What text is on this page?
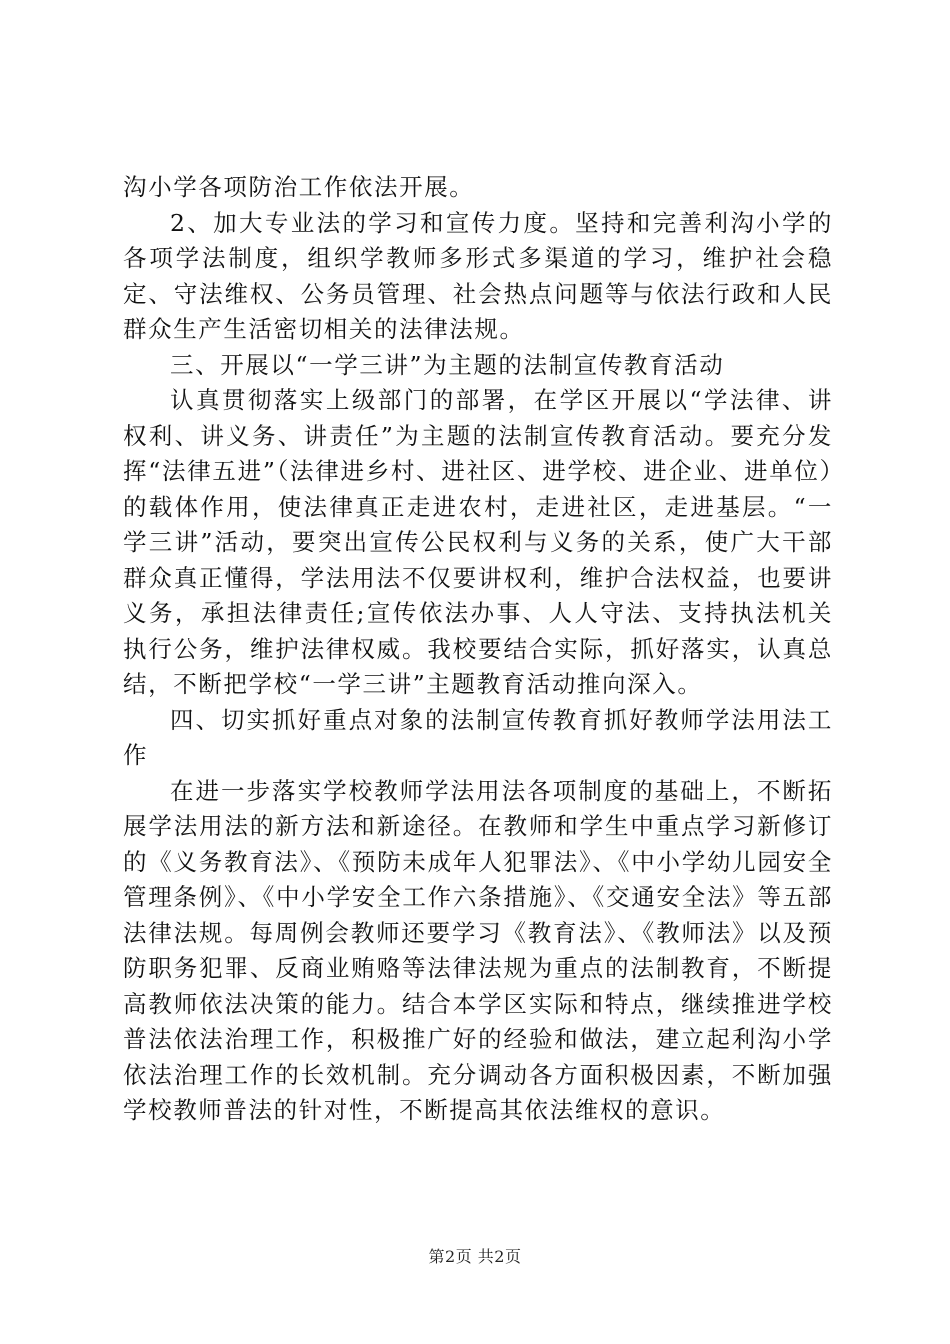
沟小学各项防治工作依法开展。

2、加大专业法的学习和宣传力度。坚持和完善利沟小学的各项学法制度，组织学教师多形式多渠道的学习，维护社会稳定、守法维权、公务员管理、社会热点问题等与依法行政和人民群众生产生活密切相关的法律法规。

三、开展以“一学三讲”为主题的法制宣传教育活动

认真贯彻落实上级部门的部署，在学区开展以“学法律、讲权利、讲义务、讲责任”为主题的法制宣传教育活动。要充分发挥“法律五进”（法律进乡村、进社区、进学校、进企业、进单位）的载体作用，使法律真正走进农村，走进社区，走进基层。“一学三讲”活动，要突出宣传公民权利与义务的关系，使广大干部群众真正懂得，学法用法不仅要讲权利，维护合法权益，也要讲义务，承担法律责任;宣传依法办事、人人守法、支持执法机关执行公务，维护法律权威。我校要结合实际，抓好落实，认真总结，不断把学校“一学三讲”主题教育活动推向深入。

四、切实抓好重点对象的法制宣传教育抓好教师学法用法工作

在进一步落实学校教师学法用法各项制度的基础上，不断拓展学法用法的新方法和新途径。在教师和学生中重点学习新修订的《义务教育法》、《预防未成年人犯罪法》、《中小学幼儿园安全管理条例》、《中小学安全工作六条措施》、《交通安全法》等五部法律法规。每周例会教师还要学习《教育法》、《教师法》以及预防职务犯罪、反商业贿赂等法律法规为重点的法制教育，不断提高教师依法决策的能力。结合本学区实际和特点，继续推进学校普法依法治理工作，积极推广好的经验和做法，建立起利沟小学依法治理工作的长效机制。充分调动各方面积极因素，不断加强学校教师普法的针对性，不断提高其依法维权的意识。

第2页 共2页
